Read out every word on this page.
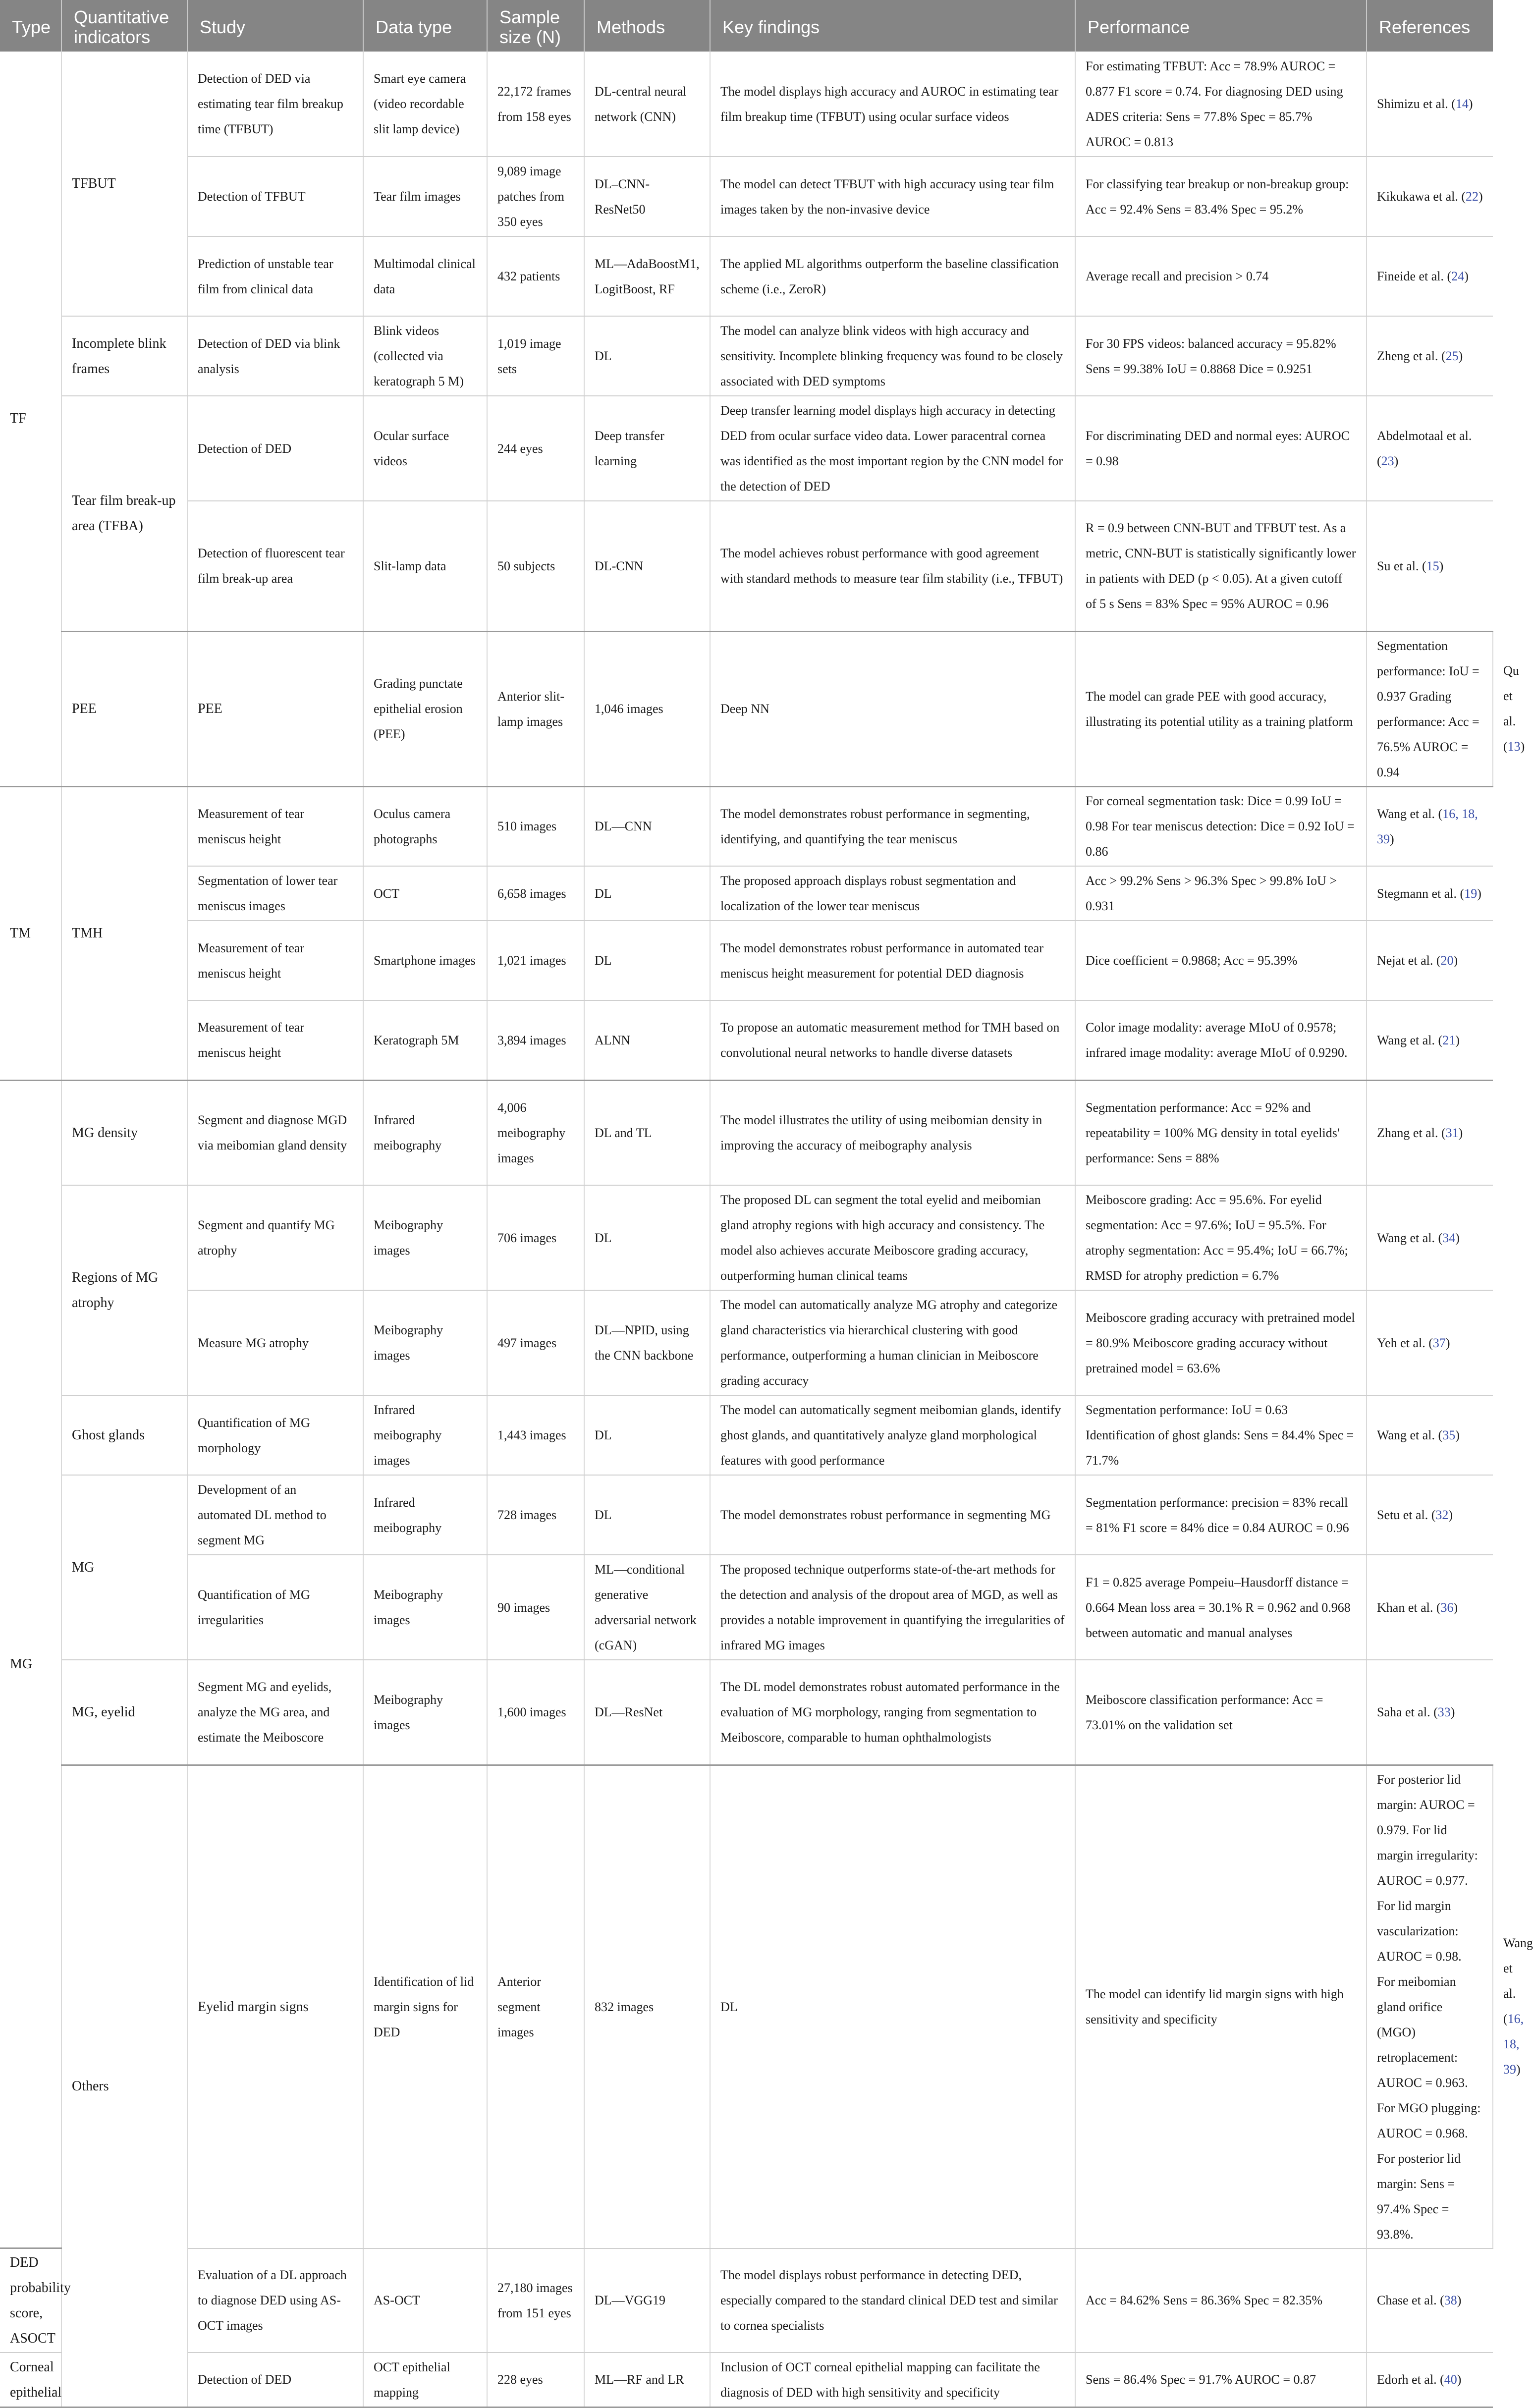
Type	Quantitative indicators	Study	Data type	Sample size (N)	Methods	Key findings	Performance	References	
TF	TFBUT	Detection of DED via estimating tear film breakup time (TFBUT)	Smart eye camera (video recordable slit lamp device)	22,172 frames from 158 eyes	DL-central neural network (CNN)	The model displays high accuracy and AUROC in estimating tear film breakup time (TFBUT) using ocular surface videos	For estimating TFBUT: Acc = 78.9% AUROC = 0.877 F1 score = 0.74. For diagnosing DED using ADES criteria: Sens = 77.8% Spec = 85.7% AUROC = 0.813	Shimizu et al. (14)	
		Detection of TFBUT	Tear film images	9,089 image patches from 350 eyes	DL–CNN-ResNet50	The model can detect TFBUT with high accuracy using tear film images taken by the non-invasive device	For classifying tear breakup or non-breakup group: Acc = 92.4% Sens = 83.4% Spec = 95.2%	Kikukawa et al. (22)	
		Prediction of unstable tear film from clinical data	Multimodal clinical data	432 patients	ML—AdaBoostM1, LogitBoost, RF	The applied ML algorithms outperform the baseline classification scheme (i.e., ZeroR)	Average recall and precision > 0.74	Fineide et al. (24)	
	Incomplete blink frames	Detection of DED via blink analysis	Blink videos (collected via keratograph 5 M)	1,019 image sets	DL	The model can analyze blink videos with high accuracy and sensitivity. Incomplete blinking frequency was found to be closely associated with DED symptoms	For 30 FPS videos: balanced accuracy = 95.82% Sens = 99.38% IoU = 0.8868 Dice = 0.9251	Zheng et al. (25)	
	Tear film break-up area (TFBA)	Detection of DED	Ocular surface videos	244 eyes	Deep transfer learning	Deep transfer learning model displays high accuracy in detecting DED from ocular surface video data. Lower paracentral cornea was identified as the most important region by the CNN model for the detection of DED	For discriminating DED and normal eyes: AUROC = 0.98	Abdelmotaal et al. (23)	
		Detection of fluorescent tear film break-up area	Slit-lamp data	50 subjects	DL-CNN	The model achieves robust performance with good agreement with standard methods to measure tear film stability (i.e., TFBUT)	R = 0.9 between CNN-BUT and TFBUT test. As a metric, CNN-BUT is statistically significantly lower in patients with DED (p < 0.05). At a given cutoff of 5 s Sens = 83% Spec = 95% AUROC = 0.96	Su et al. (15)	
	PEE	PEE	Grading punctate epithelial erosion (PEE)	Anterior slit-lamp images	1,046 images	Deep NN	The model can grade PEE with good accuracy, illustrating its potential utility as a training platform	Segmentation performance: IoU = 0.937 Grading performance: Acc = 76.5% AUROC = 0.94	Qu et al. (13)
TM	TMH	Measurement of tear meniscus height	Oculus camera photographs	510 images	DL—CNN	The model demonstrates robust performance in segmenting, identifying, and quantifying the tear meniscus	For corneal segmentation task: Dice = 0.99 IoU = 0.98 For tear meniscus detection: Dice = 0.92 IoU = 0.86	Wang et al. (16, 18, 39)	
		Segmentation of lower tear meniscus images	OCT	6,658 images	DL	The proposed approach displays robust segmentation and localization of the lower tear meniscus	Acc > 99.2% Sens > 96.3% Spec > 99.8% IoU > 0.931	Stegmann et al. (19)	
		Measurement of tear meniscus height	Smartphone images	1,021 images	DL	The model demonstrates robust performance in automated tear meniscus height measurement for potential DED diagnosis	Dice coefficient = 0.9868; Acc = 95.39%	Nejat et al. (20)	
		Measurement of tear meniscus height	Keratograph 5M	3,894 images	ALNN	To propose an automatic measurement method for TMH based on convolutional neural networks to handle diverse datasets	Color image modality: average MIoU of 0.9578; infrared image modality: average MIoU of 0.9290.	Wang et al. (21)	
MG	MG density	Segment and diagnose MGD via meibomian gland density	Infrared meibography	4,006 meibography images	DL and TL	The model illustrates the utility of using meibomian density in improving the accuracy of meibography analysis	Segmentation performance: Acc = 92% and repeatability = 100% MG density in total eyelids' performance: Sens = 88%	Zhang et al. (31)	
	Regions of MG atrophy	Segment and quantify MG atrophy	Meibography images	706 images	DL	The proposed DL can segment the total eyelid and meibomian gland atrophy regions with high accuracy and consistency. The model also achieves accurate Meiboscore grading accuracy, outperforming human clinical teams	Meiboscore grading: Acc = 95.6%. For eyelid segmentation: Acc = 97.6%; IoU = 95.5%. For atrophy segmentation: Acc = 95.4%; IoU = 66.7%; RMSD for atrophy prediction = 6.7%	Wang et al. (34)	
		Measure MG atrophy	Meibography images	497 images	DL—NPID, using the CNN backbone	The model can automatically analyze MG atrophy and categorize gland characteristics via hierarchical clustering with good performance, outperforming a human clinician in Meiboscore grading accuracy	Meiboscore grading accuracy with pretrained model = 80.9% Meiboscore grading accuracy without pretrained model = 63.6%	Yeh et al. (37)	
	Ghost glands	Quantification of MG morphology	Infrared meibography images	1,443 images	DL	The model can automatically segment meibomian glands, identify ghost glands, and quantitatively analyze gland morphological features with good performance	Segmentation performance: IoU = 0.63 Identification of ghost glands: Sens = 84.4% Spec = 71.7%	Wang et al. (35)	
	MG	Development of an automated DL method to segment MG	Infrared meibography	728 images	DL	The model demonstrates robust performance in segmenting MG	Segmentation performance: precision = 83% recall = 81% F1 score = 84% dice = 0.84 AUROC = 0.96	Setu et al. (32)	
		Quantification of MG irregularities	Meibography images	90 images	ML—conditional generative adversarial network (cGAN)	The proposed technique outperforms state-of-the-art methods for the detection and analysis of the dropout area of MGD, as well as provides a notable improvement in quantifying the irregularities of infrared MG images	F1 = 0.825 average Pompeiu–Hausdorff distance = 0.664 Mean loss area = 30.1% R = 0.962 and 0.968 between automatic and manual analyses	Khan et al. (36)	
	MG, eyelid	Segment MG and eyelids, analyze the MG area, and estimate the Meiboscore	Meibography images	1,600 images	DL—ResNet	The DL model demonstrates robust automated performance in the evaluation of MG morphology, ranging from segmentation to Meiboscore, comparable to human ophthalmologists	Meiboscore classification performance: Acc = 73.01% on the validation set	Saha et al. (33)	
	Others	Eyelid margin signs	Identification of lid margin signs for DED	Anterior segment images	832 images	DL	The model can identify lid margin signs with high sensitivity and specificity	For posterior lid margin: AUROC = 0.979. For lid margin irregularity: AUROC = 0.977. For lid margin vascularization: AUROC = 0.98. For meibomian gland orifice (MGO) retroplacement: AUROC = 0.963. For MGO plugging: AUROC = 0.968. For posterior lid margin: Sens = 97.4% Spec = 93.8%.	Wang et al. (16, 18, 39)
DED probability score, ASOCT		Evaluation of a DL approach to diagnose DED using AS-OCT images	AS-OCT	27,180 images from 151 eyes	DL—VGG19	The model displays robust performance in detecting DED, especially compared to the standard clinical DED test and similar to cornea specialists	Acc = 84.62% Sens = 86.36% Spec = 82.35%	Chase et al. (38)	
Corneal epithelial		Detection of DED	OCT epithelial mapping	228 eyes	ML—RF and LR	Inclusion of OCT corneal epithelial mapping can facilitate the diagnosis of DED with high sensitivity and specificity	Sens = 86.4% Spec = 91.7% AUROC = 0.87	Edorh et al. (40)	
